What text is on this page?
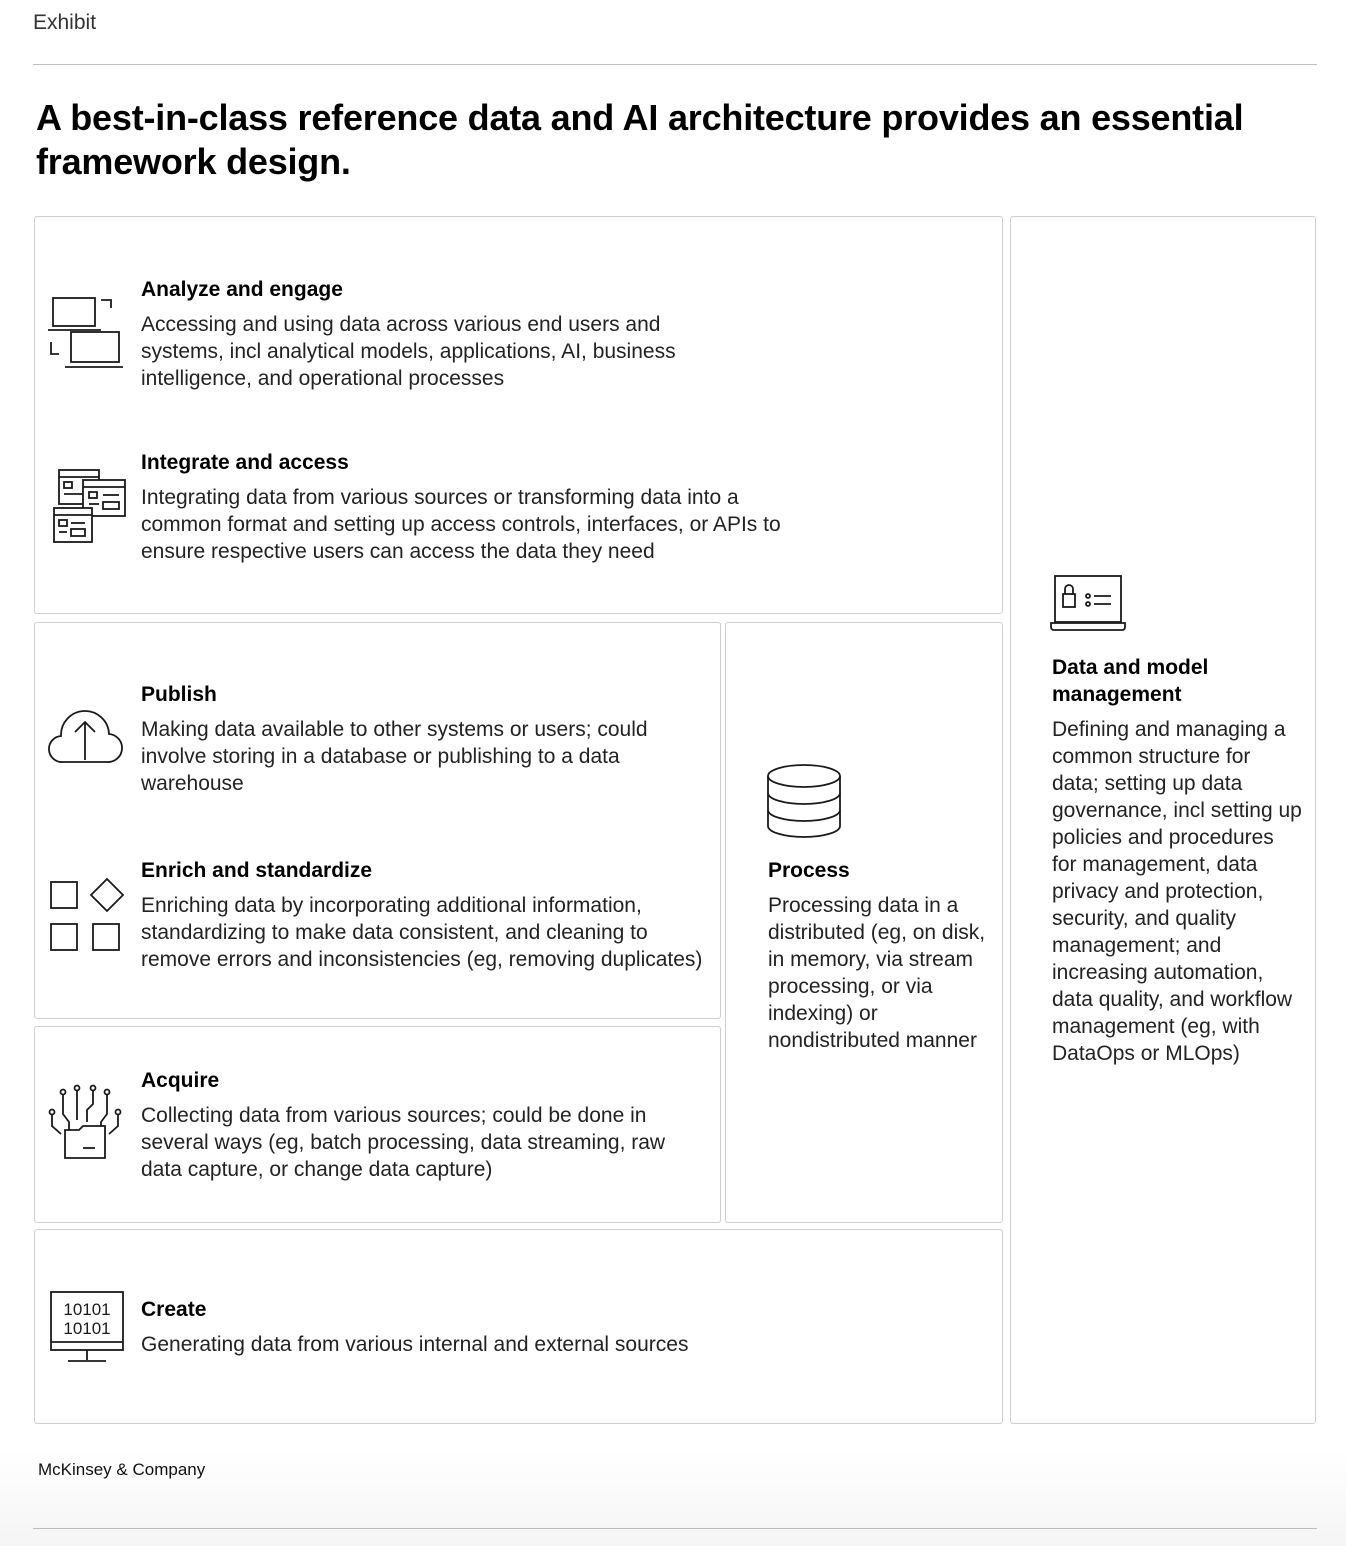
Exhibit
A best-in-class reference data and AI architecture provides an essential framework design.
Analyze and engage

Accessing and using data across various end users and systems, incl analytical models, applications, AI, business intelligence, and operational processes

Integrate and access

Integrating data from various sources or transforming data into a common format and setting up access controls, interfaces, or APIs to ensure respective users can access the data they need

Publish

Making data available to other systems or users; could involve storing in a database or publishing to a data warehouse

Enrich and standardize

Enriching data by incorporating additional information, standardizing to make data consistent, and cleaning to remove errors and inconsistencies (eg, removing duplicates)

Acquire

Collecting data from various sources; could be done in several ways (eg, batch processing, data streaming, raw data capture, or change data capture)

Process

Processing data in a distributed (eg, on disk, in memory, via stream processing, or via indexing) or nondistributed manner

10101
10101
Create

Generating data from various internal and external sources

Data and model management

Defining and managing a common structure for data; setting up data governance, incl setting up policies and procedures for management, data privacy and protection, security, and quality management; and increasing automation, data quality, and workflow management (eg, with DataOps or MLOps)

McKinsey & Company
